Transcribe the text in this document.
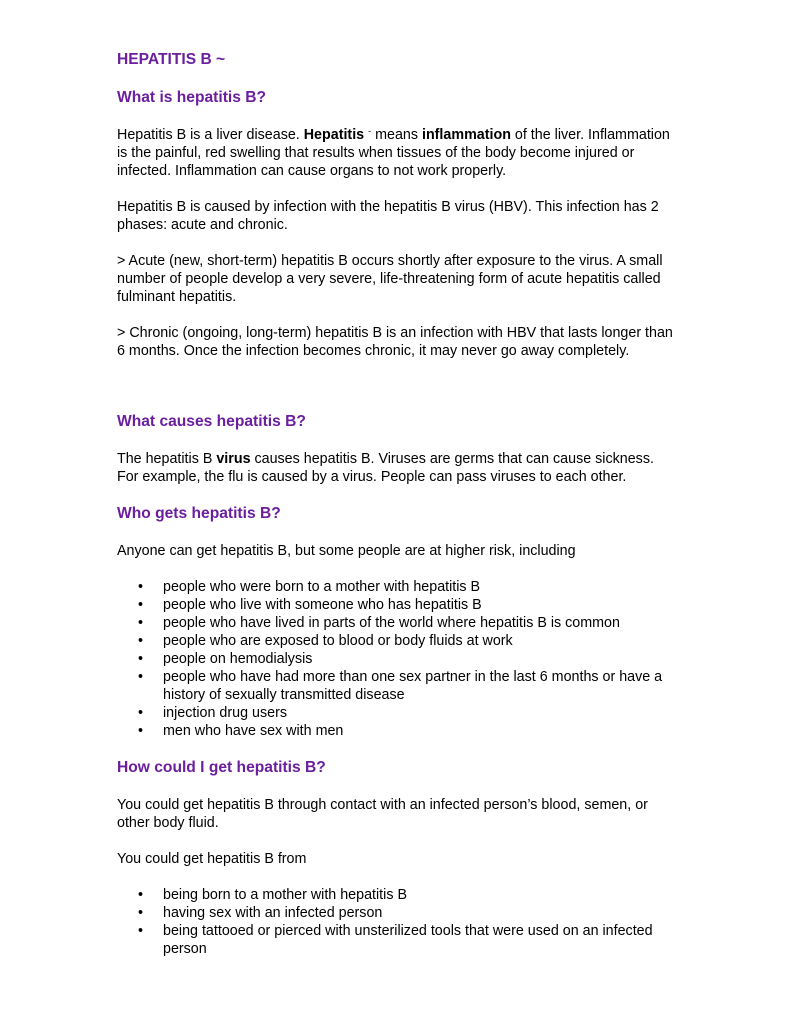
HEPATITIS B ~
What is hepatitis B?

Hepatitis B is a liver disease. Hepatitis - means inflammation of the liver. Inflammation is the painful, red swelling that results when tissues of the body become injured or infected. Inflammation can cause organs to not work properly.

Hepatitis B is caused by infection with the hepatitis B virus (HBV). This infection has 2 phases: acute and chronic.

> Acute (new, short-term) hepatitis B occurs shortly after exposure to the virus. A small number of people develop a very severe, life-threatening form of acute hepatitis called fulminant hepatitis.

> Chronic (ongoing, long-term) hepatitis B is an infection with HBV that lasts longer than 6 months. Once the infection becomes chronic, it may never go away completely.

What causes hepatitis B?

The hepatitis B virus causes hepatitis B. Viruses are germs that can cause sickness. For example, the flu is caused by a virus. People can pass viruses to each other.

Who gets hepatitis B?

Anyone can get hepatitis B, but some people are at higher risk, including

• people who were born to a mother with hepatitis B
• people who live with someone who has hepatitis B
• people who have lived in parts of the world where hepatitis B is common
• people who are exposed to blood or body fluids at work
• people on hemodialysis
• people who have had more than one sex partner in the last 6 months or have a history of sexually transmitted disease
• injection drug users
• men who have sex with men
How could I get hepatitis B?

You could get hepatitis B through contact with an infected person’s blood, semen, or other body fluid.

You could get hepatitis B from

• being born to a mother with hepatitis B
• having sex with an infected person
• being tattooed or pierced with unsterilized tools that were used on an infected person
